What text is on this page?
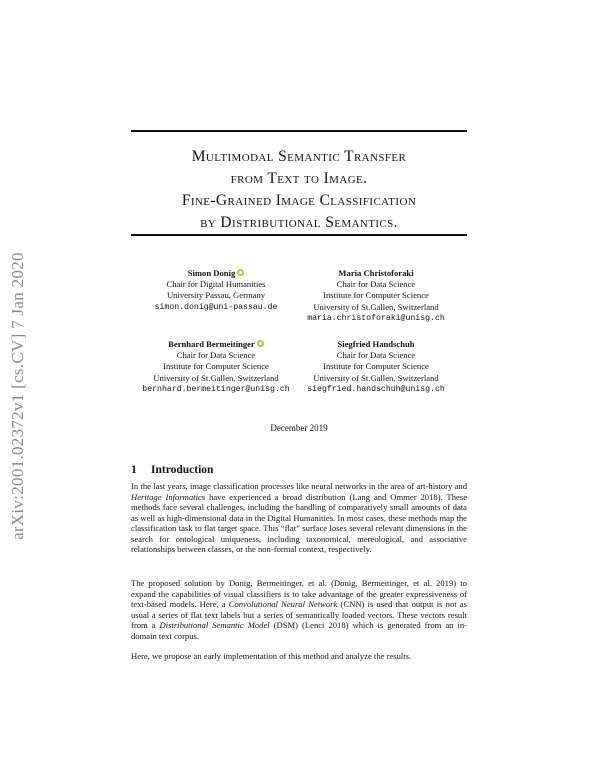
arXiv:2001.02372v1 [cs.CV] 7 Jan 2020
Multimodal Semantic Transfer
from Text to Image.
Fine-Grained Image Classification
by Distributional Semantics.
Simon Donig
Chair for Digital Humanities
University Passau, Germany
simon.donig@uni-passau.de
Maria Christoforaki
Chair for Data Science
Institute for Computer Science
University of St.Gallen, Switzerland
maria.christoforaki@unisg.ch
Bernhard Bermeitinger
Chair for Data Science
Institute for Computer Science
University of St.Gallen, Switzerland
bernhard.bermeitinger@unisg.ch
Siegfried Handschuh
Chair for Data Science
Institute for Computer Science
University of St.Gallen, Switzerland
siegfried.handschuh@unisg.ch
December 2019
1 Introduction

In the last years, image classification processes like neural networks in the area of art-history and Heritage Informatics have experienced a broad distribution (Lang and Ommer 2018). These methods face several challenges, including the handling of comparatively small amounts of data as well as high-dimensional data in the Digital Humanities. In most cases, these methods map the classification task to flat target space. This “flat” surface loses several relevant dimensions in the search for ontological uniqueness, including taxonomical, mereological, and associative relationships between classes, or the non-formal context, respectively.

The proposed solution by Donig, Bermeitinger, et al. (Donig, Bermeitinger, et al. 2019) to expand the capabilities of visual classifiers is to take advantage of the greater expressiveness of text-based models. Here, a Convolutional Neural Network (CNN) is used that output is not as usual a series of flat text labels but a series of semantically loaded vectors. These vectors result from a Distributional Semantic Model (DSM) (Lenci 2018) which is generated from an in-domain text corpus.

Here, we propose an early implementation of this method and analyze the results.
